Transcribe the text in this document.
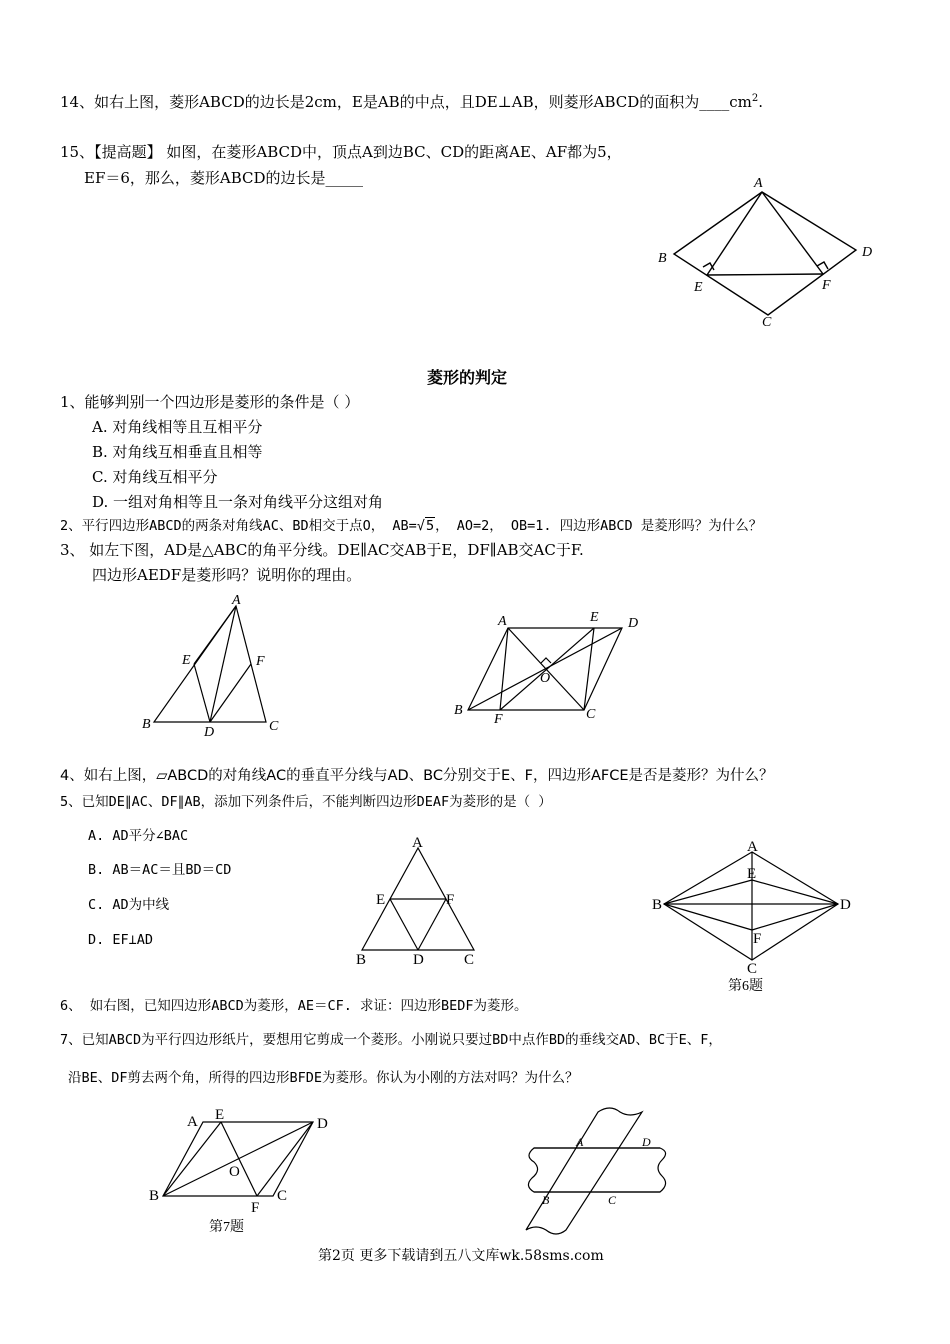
14、如右上图，菱形ABCD的边长是2cm，E是AB的中点，且DE⊥AB，则菱形ABCD的面积为$\_\_\_\_cm^2$.
15、【提高题】 如图，在菱形ABCD中，顶点A到边BC、CD的距离AE、AF都为5，
EF＝6，那么，菱形ABCD的边长是_____	A
B
C
D
E	F
菱形的判定
1、能够判别一个四边形是菱形的条件是（ ）
A. 对角线相等且互相平分
B. 对角线互相垂直且相等
C. 对角线互相平分
D. 一组对角相等且一条对角线平分这组对角
2、平行四边形ABCD的两条对角线AC、BD相交于点O， AB=√5， AO=2， OB=1. 四边形ABCD 是菱形吗？为什么？
3、 如左下图，AD是△ABC的角平分线。DE∥AC交AB于E，DF∥AB交AC于F.
四边形AEDF是菱形吗？说明你的理由。
A
B	C
D
E	F
A
B	C
D
E
F
O
4、如右上图，▱ABCD的对角线AC的垂直平分线与AD、BC分别交于E、F，四边形AFCE是否是菱形？为什么？
5、已知DE∥AC、DF∥AB，添加下列条件后，不能判断四边形DEAF为菱形的是（ ）
A. AD平分∠BAC
B. AB＝AC＝且BD＝CD
C. AD为中线
D. EF⊥AD
A
B	C
D
E	F
A
B
C
D
E
F
第6题
6、 如右图，已知四边形ABCD为菱形，AE＝CF. 求证：四边形BEDF为菱形。
7、已知ABCD为平行四边形纸片，要想用它剪成一个菱形。小刚说只要过BD中点作BD的垂线交AD、BC于E、F，
沿BE、DF剪去两个角，所得的四边形BFDE为菱形。你认为小刚的方法对吗？为什么？
A
B	C
D
E
F
O
第7题
A	D
B	C
第2页 更多下载请到五八文库wk.58sms.com
